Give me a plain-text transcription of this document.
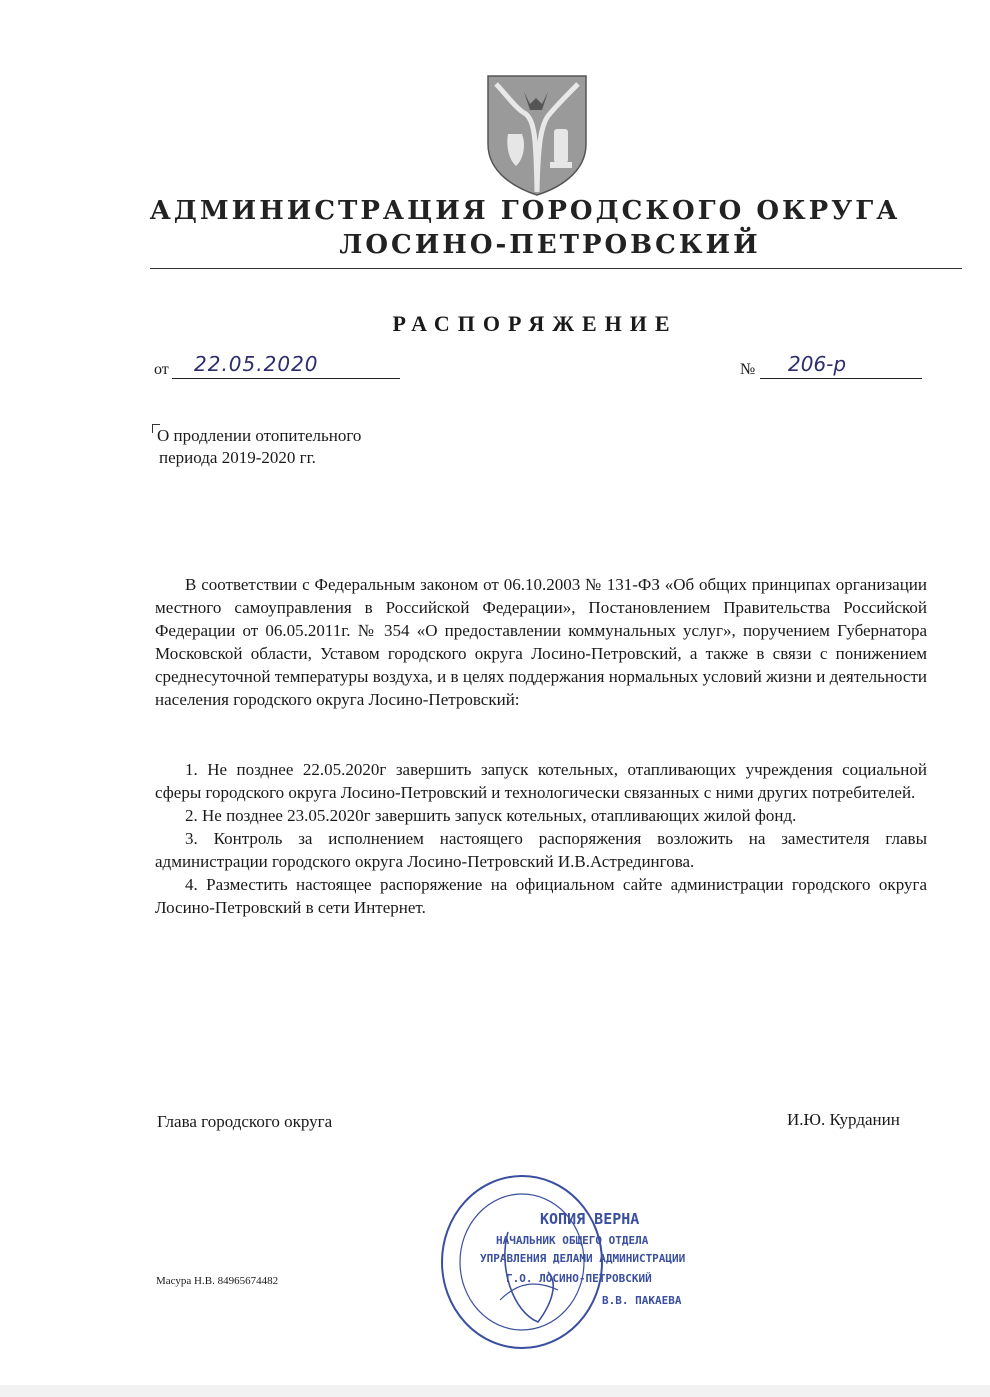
АДМИНИСТРАЦИЯ ГОРОДСКОГО ОКРУГА
ЛОСИНО-ПЕТРОВСКИЙ
РАСПОРЯЖЕНИЕ
от 22.05.2020	№ 206-р
О продлении отопительного
периода 2019-2020 гг.
В соответствии с Федеральным законом от 06.10.2003 № 131-ФЗ «Об общих принципах организации местного самоуправления в Российской Федерации», Постановлением Правительства Российской Федерации от 06.05.2011г. № 354 «О предоставлении коммунальных услуг», поручением Губернатора Московской области, Уставом городского округа Лосино-Петровский, а также в связи с понижением среднесуточной температуры воздуха, и в целях поддержания нормальных условий жизни и деятельности населения городского округа Лосино-Петровский:
1. Не позднее 22.05.2020г завершить запуск котельных, отапливающих учреждения социальной сферы городского округа Лосино-Петровский и технологически связанных с ними других потребителей.
2. Не позднее 23.05.2020г завершить запуск котельных, отапливающих жилой фонд.
3. Контроль за исполнением настоящего распоряжения возложить на заместителя главы администрации городского округа Лосино-Петровский И.В.Астредингова.
4. Разместить настоящее распоряжение на официальном сайте администрации городского округа Лосино-Петровский в сети Интернет.
Глава городского округа	И.Ю. Курданин
КОПИЯ ВЕРНА
НАЧАЛЬНИК ОБЩЕГО ОТДЕЛА
УПРАВЛЕНИЯ ДЕЛАМИ АДМИНИСТРАЦИИ
Г.О. ЛОСИНО-ПЕТРОВСКИЙ
В.В. ПАКАЕВА
Масура Н.В. 84965674482
